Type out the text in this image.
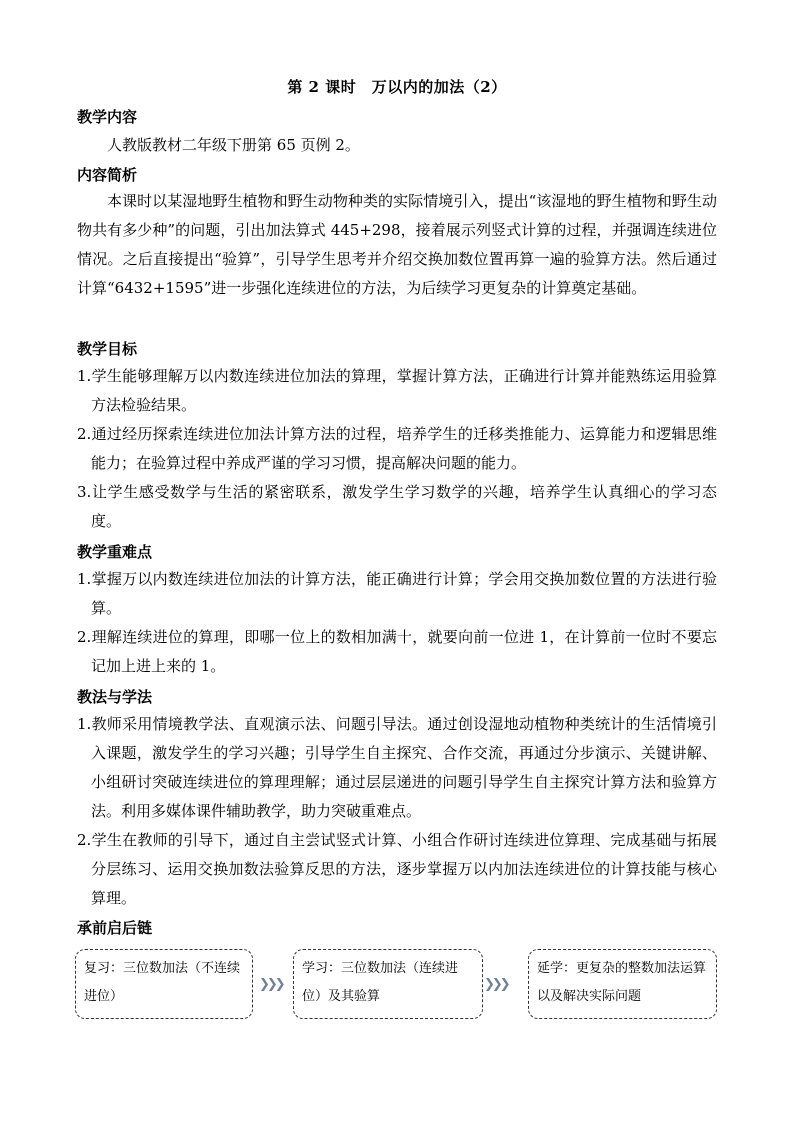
第 2 课时　万以内的加法（2）
教学内容
人教版教材二年级下册第 65 页例 2。
内容简析
本课时以某湿地野生植物和野生动物种类的实际情境引入，提出“该湿地的野生植物和野生动物共有多少种”的问题，引出加法算式 445+298，接着展示列竖式计算的过程，并强调连续进位情况。之后直接提出“验算”，引导学生思考并介绍交换加数位置再算一遍的验算方法。然后通过计算“6432+1595”进一步强化连续进位的方法，为后续学习更复杂的计算奠定基础。
教学目标
1.学生能够理解万以内数连续进位加法的算理，掌握计算方法，正确进行计算并能熟练运用验算方法检验结果。
2.通过经历探索连续进位加法计算方法的过程，培养学生的迁移类推能力、运算能力和逻辑思维能力；在验算过程中养成严谨的学习习惯，提高解决问题的能力。
3.让学生感受数学与生活的紧密联系，激发学生学习数学的兴趣，培养学生认真细心的学习态度。
教学重难点
1.掌握万以内数连续进位加法的计算方法，能正确进行计算；学会用交换加数位置的方法进行验算。
2.理解连续进位的算理，即哪一位上的数相加满十，就要向前一位进 1，在计算前一位时不要忘记加上进上来的 1。
教法与学法
1.教师采用情境教学法、直观演示法、问题引导法。通过创设湿地动植物种类统计的生活情境引入课题，激发学生的学习兴趣；引导学生自主探究、合作交流，再通过分步演示、关键讲解、小组研讨突破连续进位的算理理解；通过层层递进的问题引导学生自主探究计算方法和验算方法。利用多媒体课件辅助教学，助力突破重难点。
2.学生在教师的引导下，通过自主尝试竖式计算、小组合作研讨连续进位算理、完成基础与拓展分层练习、运用交换加数法验算反思的方法，逐步掌握万以内加法连续进位的计算技能与核心算理。
承前启后链
复习：三位数加法（不连续进位）
❯❯❯
学习：三位数加法（连续进位）及其验算
❯❯❯
延学：更复杂的整数加法运算以及解决实际问题
